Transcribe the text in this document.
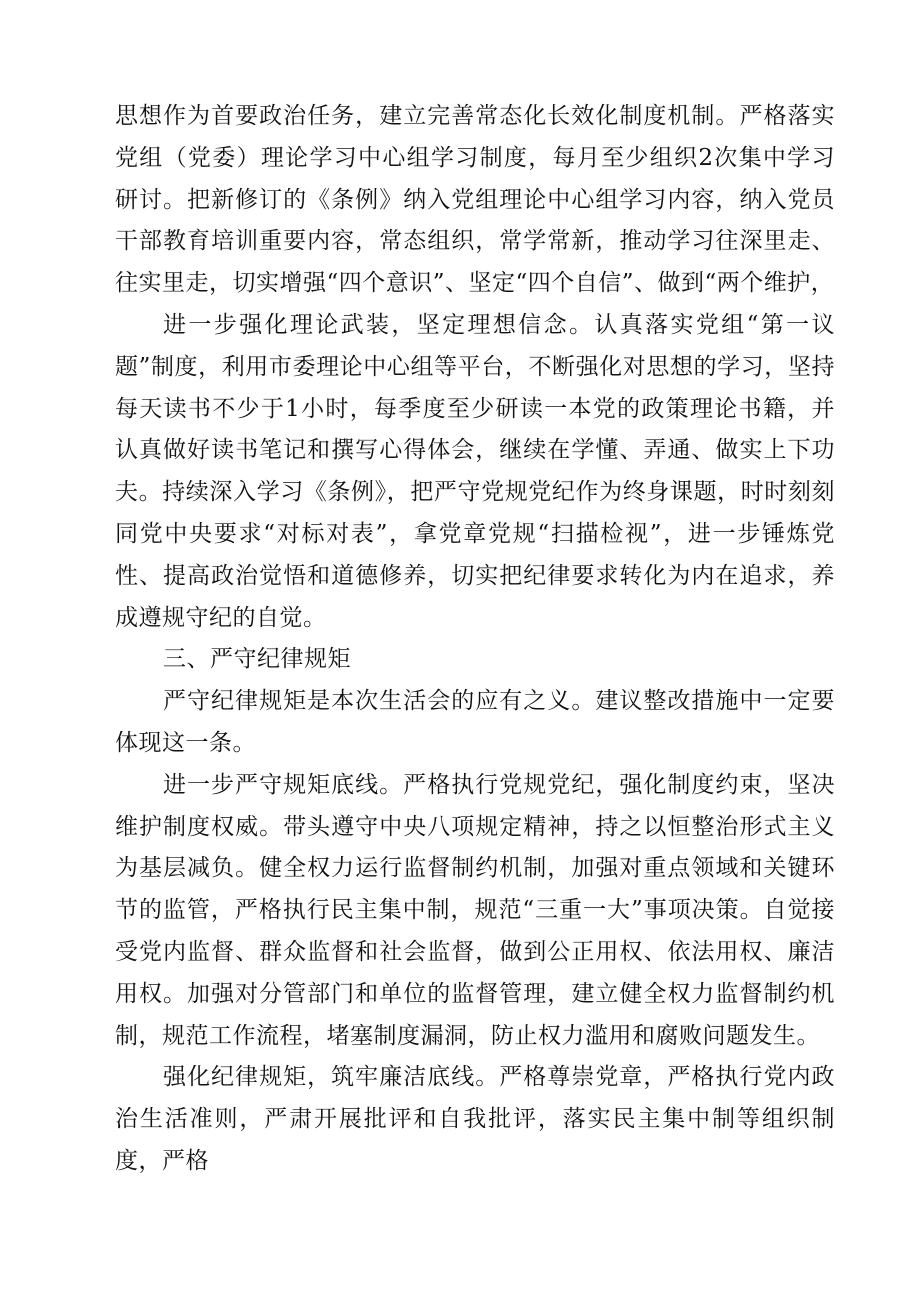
思想作为首要政治任务，建立完善常态化长效化制度机制。严格落实党组（党委）理论学习中心组学习制度，每月至少组织2次集中学习研讨。把新修订的《条例》纳入党组理论中心组学习内容，纳入党员干部教育培训重要内容，常态组织，常学常新，推动学习往深里走、往实里走，切实增强“四个意识”、坚定“四个自信”、做到“两个维护，

进一步强化理论武装，坚定理想信念。认真落实党组“第一议题”制度，利用市委理论中心组等平台，不断强化对思想的学习，坚持每天读书不少于1小时，每季度至少研读一本党的政策理论书籍，并认真做好读书笔记和撰写心得体会，继续在学懂、弄通、做实上下功夫。持续深入学习《条例》，把严守党规党纪作为终身课题，时时刻刻同党中央要求“对标对表”，拿党章党规“扫描检视”，进一步锤炼党性、提高政治觉悟和道德修养，切实把纪律要求转化为内在追求，养成遵规守纪的自觉。

三、严守纪律规矩

严守纪律规矩是本次生活会的应有之义。建议整改措施中一定要体现这一条。

进一步严守规矩底线。严格执行党规党纪，强化制度约束，坚决维护制度权威。带头遵守中央八项规定精神，持之以恒整治形式主义为基层减负。健全权力运行监督制约机制，加强对重点领域和关键环节的监管，严格执行民主集中制，规范“三重一大”事项决策。自觉接受党内监督、群众监督和社会监督，做到公正用权、依法用权、廉洁用权。加强对分管部门和单位的监督管理，建立健全权力监督制约机制，规范工作流程，堵塞制度漏洞，防止权力滥用和腐败问题发生。

强化纪律规矩，筑牢廉洁底线。严格尊崇党章，严格执行党内政治生活准则，严肃开展批评和自我批评，落实民主集中制等组织制度，严格
